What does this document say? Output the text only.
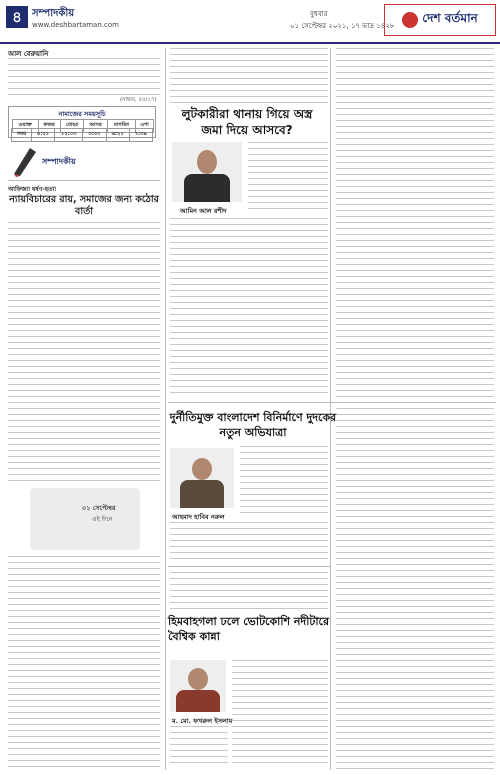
৪	সম্পাদকীয়
www.deshbartaman.com
বুধবার
০১ সেপ্টেম্বর ২০২১, ১৭ ভাদ্র ১৪২৮
দেশ বর্তমান
আল বেরুয়ানি
(নাম্বার, ৫৫/১৭)
নামাজের সময়সূচি
ওয়াক্ত	ফজর	যোহর	আসর	মাগরিব	এশা
সময়	৪:২১	১২:০৩	৩:৩০	৬:২১	৭:৩৯
সম্পাদকীয়
আফিজ্যা ধর্ষণ-হত্যা
ন্যায়বিচারের রায়, সমাজের জন্য কঠোর বার্তা
০১ সেপ্টেম্বর
এই দিনে
লুটকারীরা থানায় গিয়ে অস্ত্র জমা দিয়ে আসবে?
আমিন আল রশীদ
দুর্নীতিমুক্ত বাংলাদেশ বিনির্মাণে দুদকের নতুন অভিযাত্রা
আহমাদ হাবিব নরুল
হিমবাহগলা ঢলে ভোটকোশি নদীটারে বৈশ্বিক কান্না
ম. মো. ফখরুল ইসলাম
